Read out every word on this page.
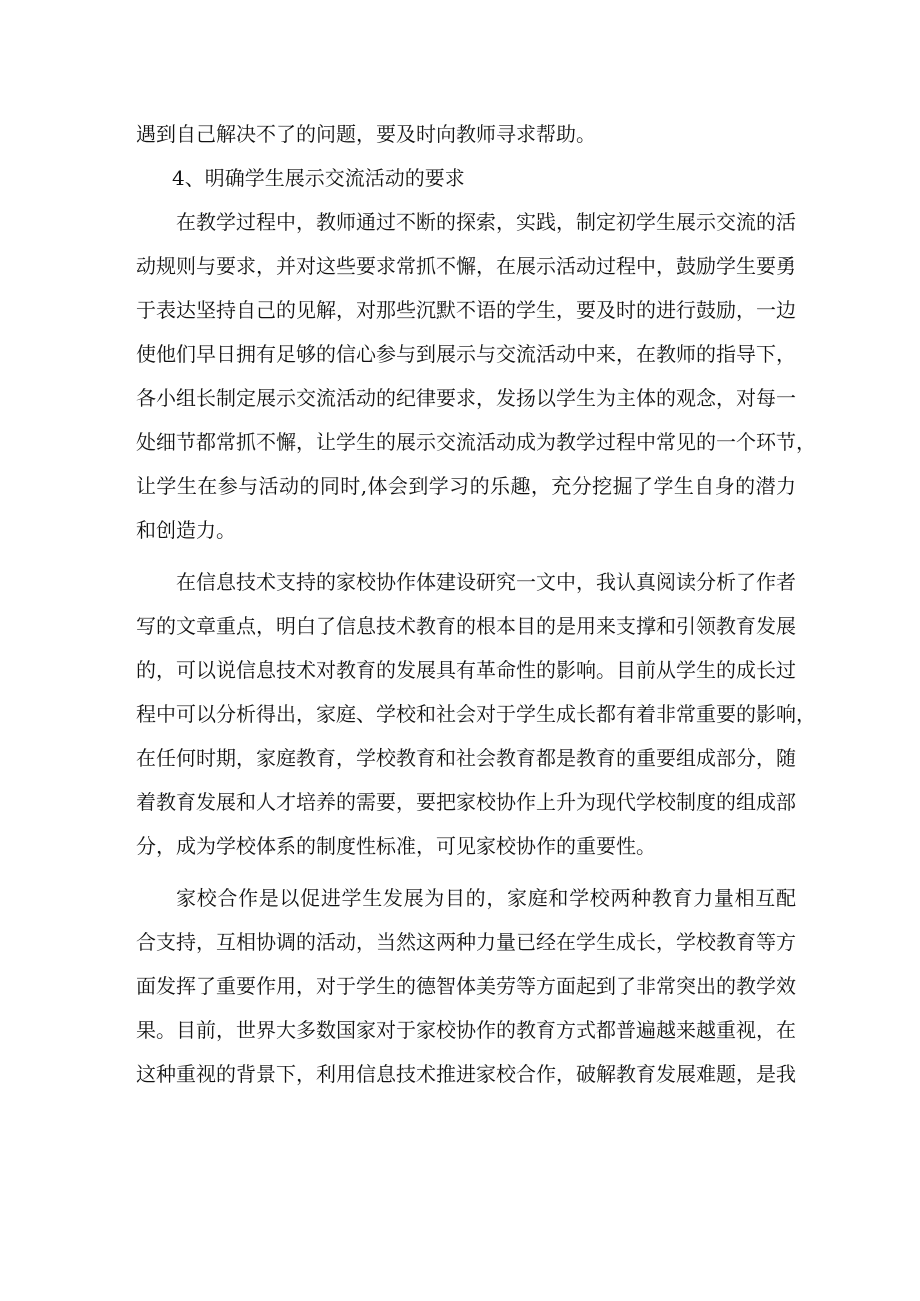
遇到自己解决不了的问题，要及时向教师寻求帮助。
4、明确学生展示交流活动的要求
在教学过程中，教师通过不断的探索，实践，制定初学生展示交流的活
动规则与要求，并对这些要求常抓不懈，在展示活动过程中，鼓励学生要勇
于表达坚持自己的见解，对那些沉默不语的学生，要及时的进行鼓励，一边
使他们早日拥有足够的信心参与到展示与交流活动中来，在教师的指导下，
各小组长制定展示交流活动的纪律要求，发扬以学生为主体的观念，对每一
处细节都常抓不懈，让学生的展示交流活动成为教学过程中常见的一个环节，
让学生在参与活动的同时,体会到学习的乐趣，充分挖掘了学生自身的潜力
和创造力。
在信息技术支持的家校协作体建设研究一文中，我认真阅读分析了作者
写的文章重点，明白了信息技术教育的根本目的是用来支撑和引领教育发展
的，可以说信息技术对教育的发展具有革命性的影响。目前从学生的成长过
程中可以分析得出，家庭、学校和社会对于学生成长都有着非常重要的影响，
在任何时期，家庭教育，学校教育和社会教育都是教育的重要组成部分，随
着教育发展和人才培养的需要，要把家校协作上升为现代学校制度的组成部
分，成为学校体系的制度性标准，可见家校协作的重要性。
家校合作是以促进学生发展为目的，家庭和学校两种教育力量相互配
合支持，互相协调的活动，当然这两种力量已经在学生成长，学校教育等方
面发挥了重要作用，对于学生的德智体美劳等方面起到了非常突出的教学效
果。目前，世界大多数国家对于家校协作的教育方式都普遍越来越重视，在
这种重视的背景下，利用信息技术推进家校合作，破解教育发展难题，是我
